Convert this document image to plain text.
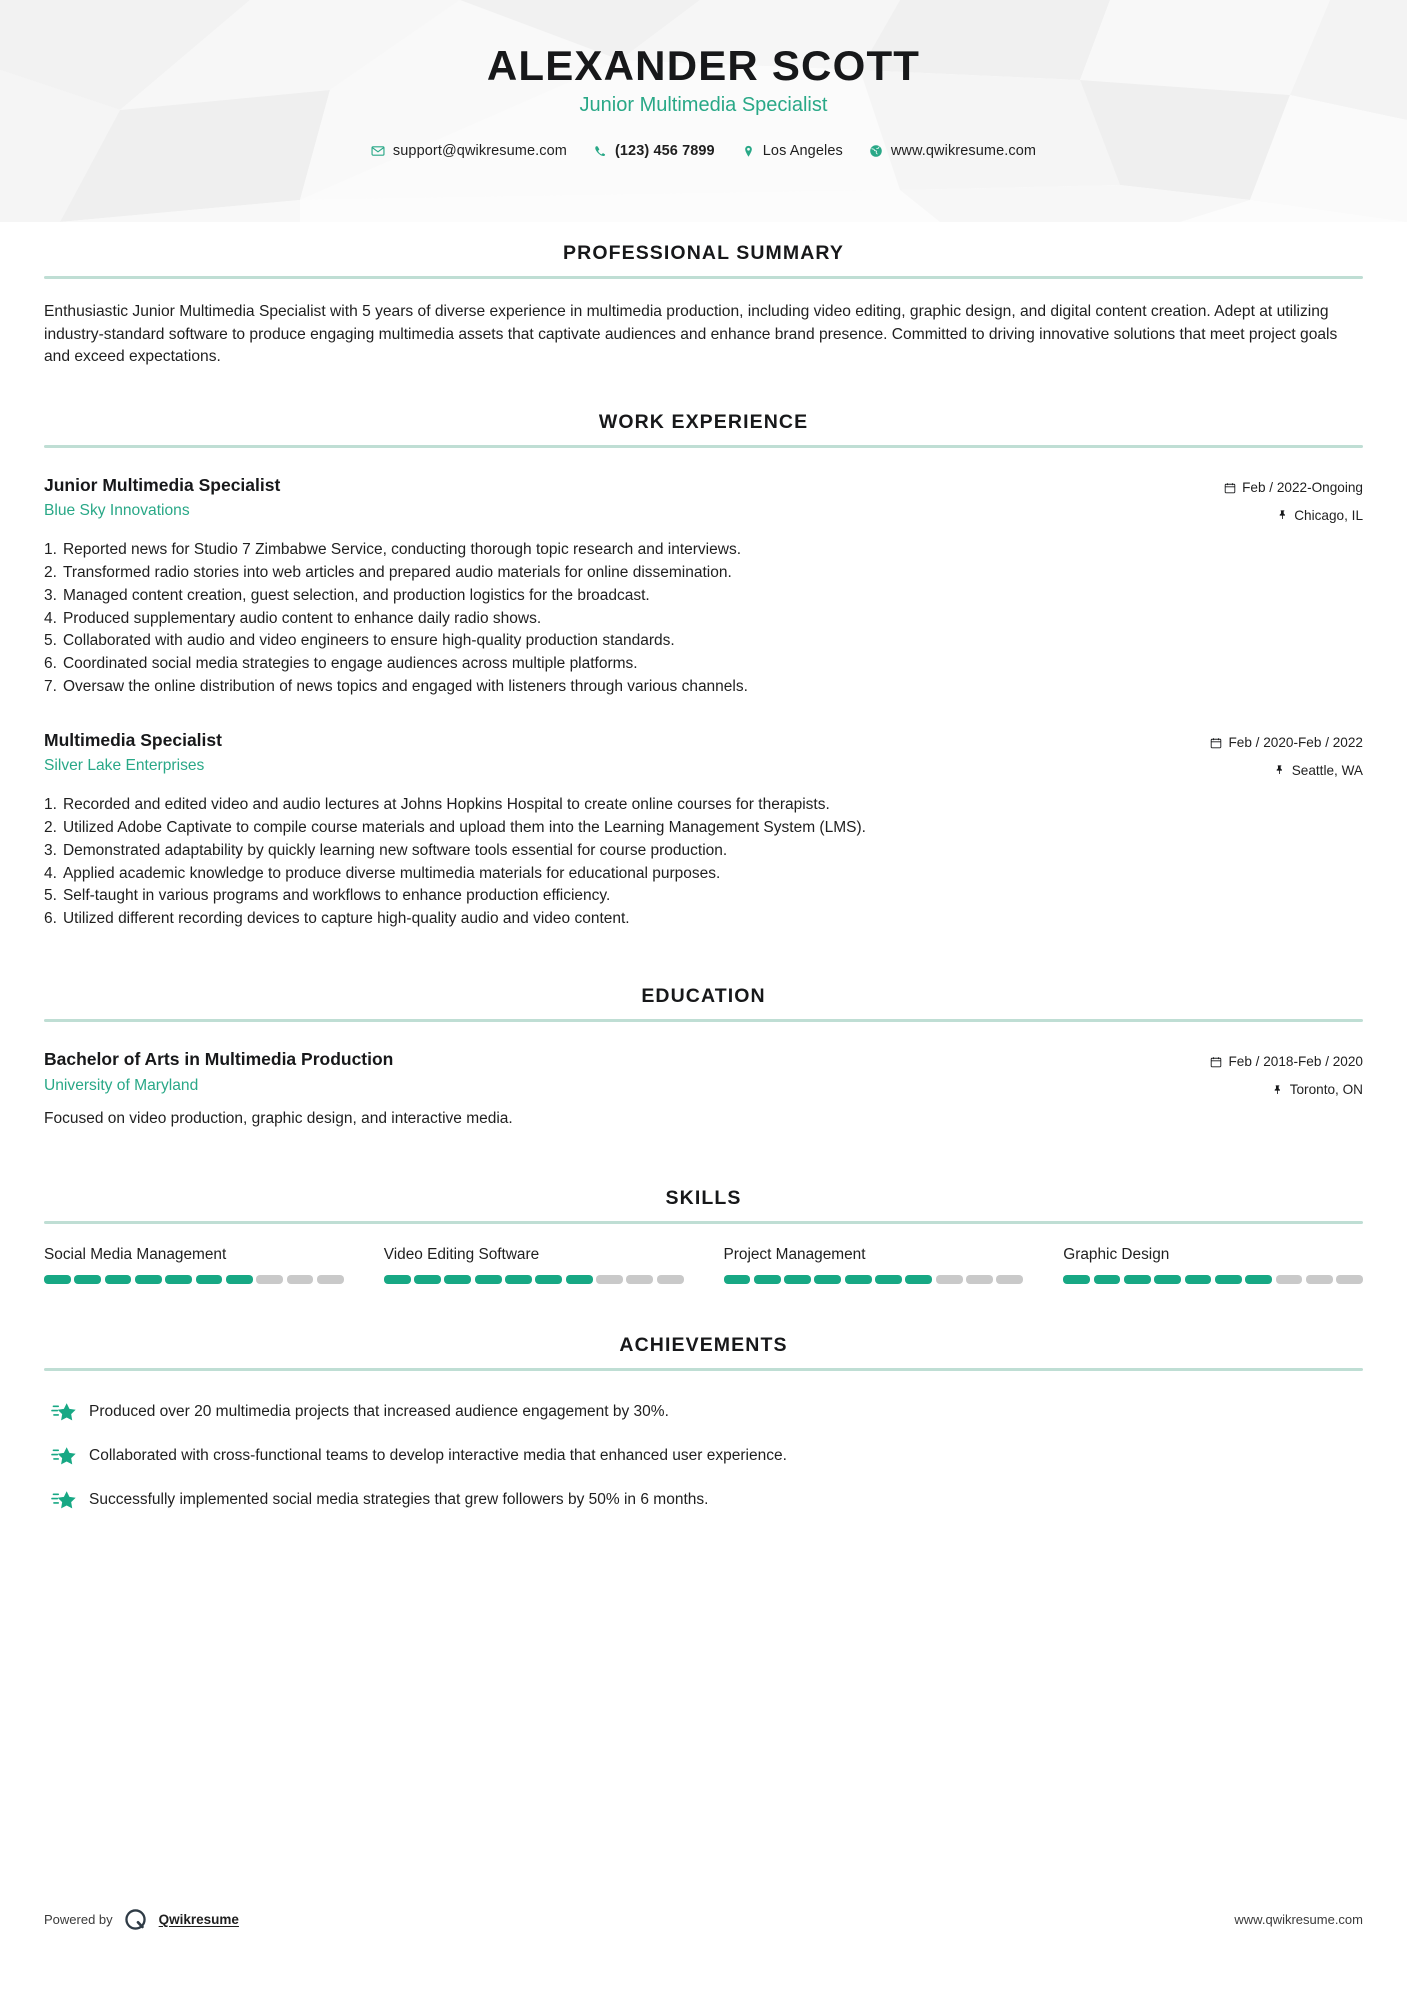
ALEXANDER SCOTT
Junior Multimedia Specialist
support@qwikresume.com	(123) 456 7899	Los Angeles	www.qwikresume.com
PROFESSIONAL SUMMARY

Enthusiastic Junior Multimedia Specialist with 5 years of diverse experience in multimedia production, including video editing, graphic design, and digital content creation. Adept at utilizing industry-standard software to produce engaging multimedia assets that captivate audiences and enhance brand presence. Committed to driving innovative solutions that meet project goals and exceed expectations.

WORK EXPERIENCE
Junior Multimedia Specialist
Blue Sky Innovations
Feb / 2022-Ongoing
Chicago, IL
1. Reported news for Studio 7 Zimbabwe Service, conducting thorough topic research and interviews.
2. Transformed radio stories into web articles and prepared audio materials for online dissemination.
3. Managed content creation, guest selection, and production logistics for the broadcast.
4. Produced supplementary audio content to enhance daily radio shows.
5. Collaborated with audio and video engineers to ensure high-quality production standards.
6. Coordinated social media strategies to engage audiences across multiple platforms.
7. Oversaw the online distribution of news topics and engaged with listeners through various channels.
Multimedia Specialist
Silver Lake Enterprises
Feb / 2020-Feb / 2022
Seattle, WA
1. Recorded and edited video and audio lectures at Johns Hopkins Hospital to create online courses for therapists.
2. Utilized Adobe Captivate to compile course materials and upload them into the Learning Management System (LMS).
3. Demonstrated adaptability by quickly learning new software tools essential for course production.
4. Applied academic knowledge to produce diverse multimedia materials for educational purposes.
5. Self-taught in various programs and workflows to enhance production efficiency.
6. Utilized different recording devices to capture high-quality audio and video content.
EDUCATION
Bachelor of Arts in Multimedia Production
University of Maryland
Feb / 2018-Feb / 2020
Toronto, ON
Focused on video production, graphic design, and interactive media.
SKILLS
Social Media Management	Video Editing Software	Project Management	Graphic Design
ACHIEVEMENTS
Produced over 20 multimedia projects that increased audience engagement by 30%.
Collaborated with cross-functional teams to develop interactive media that enhanced user experience.
Successfully implemented social media strategies that grew followers by 50% in 6 months.
Powered by	Qwikresume	www.qwikresume.com
